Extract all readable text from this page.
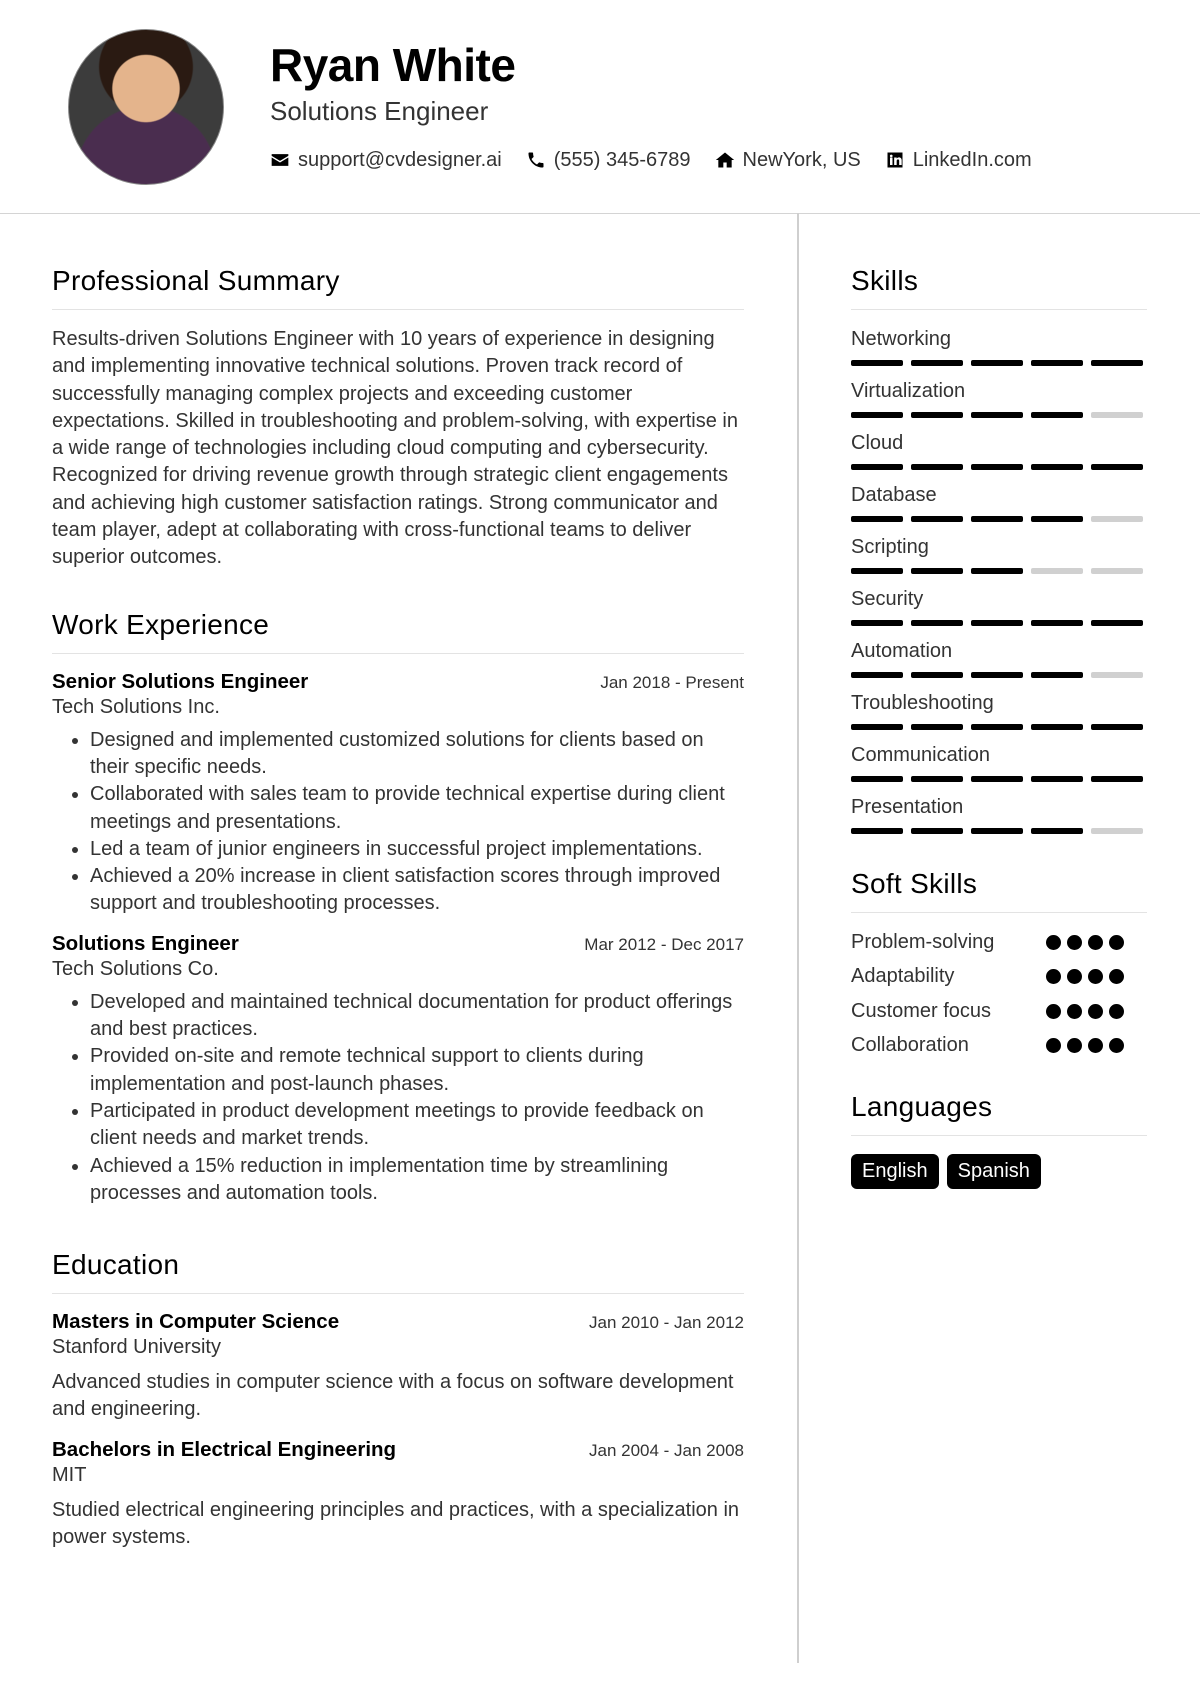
Ryan White
Solutions Engineer
support@cvdesigner.ai	(555) 345-6789	NewYork, US	LinkedIn.com
Professional Summary

Results-driven Solutions Engineer with 10 years of experience in designing and implementing innovative technical solutions. Proven track record of successfully managing complex projects and exceeding customer expectations. Skilled in troubleshooting and problem-solving, with expertise in a wide range of technologies including cloud computing and cybersecurity. Recognized for driving revenue growth through strategic client engagements and achieving high customer satisfaction ratings. Strong communicator and team player, adept at collaborating with cross-functional teams to deliver superior outcomes.

Work Experience
Senior Solutions Engineer	Jan 2018 - Present
Tech Solutions Inc.
• Designed and implemented customized solutions for clients based on their specific needs.
• Collaborated with sales team to provide technical expertise during client meetings and presentations.
• Led a team of junior engineers in successful project implementations.
• Achieved a 20% increase in client satisfaction scores through improved support and troubleshooting processes.
Solutions Engineer	Mar 2012 - Dec 2017
Tech Solutions Co.
• Developed and maintained technical documentation for product offerings and best practices.
• Provided on-site and remote technical support to clients during implementation and post-launch phases.
• Participated in product development meetings to provide feedback on client needs and market trends.
• Achieved a 15% reduction in implementation time by streamlining processes and automation tools.
Education
Masters in Computer Science	Jan 2010 - Jan 2012
Stanford University
Advanced studies in computer science with a focus on software development and engineering.
Bachelors in Electrical Engineering	Jan 2004 - Jan 2008
MIT
Studied electrical engineering principles and practices, with a specialization in power systems.
Skills
Networking
Virtualization
Cloud
Database
Scripting
Security
Automation
Troubleshooting
Communication
Presentation
Soft Skills
Problem-solving
Adaptability
Customer focus
Collaboration
Languages
English	Spanish
